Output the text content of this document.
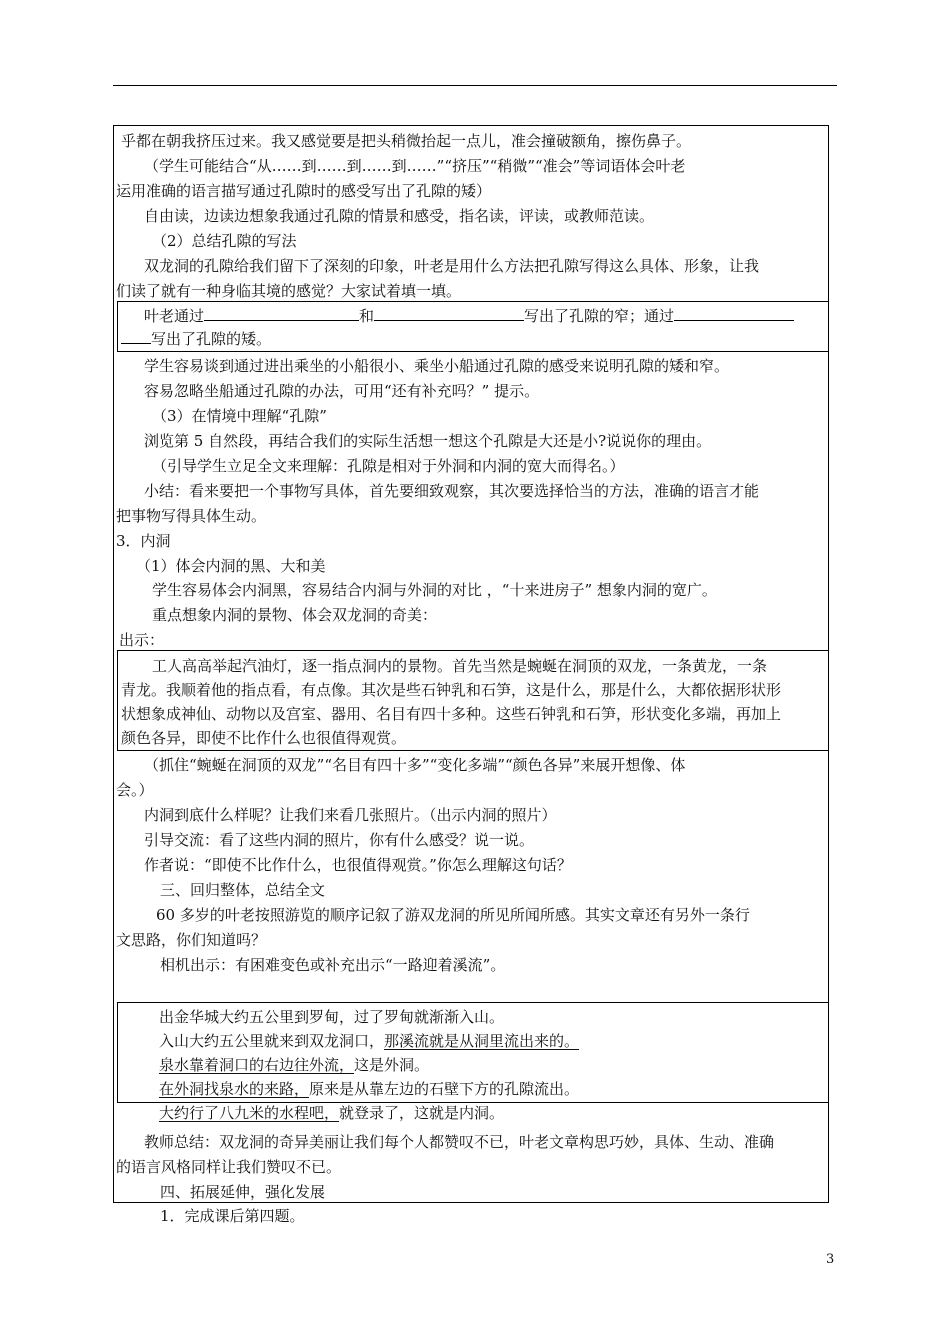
乎都在朝我挤压过来。我又感觉要是把头稍微抬起一点儿，准会撞破额角，擦伤鼻子。
（学生可能结合“从……到……到……到……”“挤压”“稍微”“准会”等词语体会叶老
运用准确的语言描写通过孔隙时的感受写出了孔隙的矮）
自由读，边读边想象我通过孔隙的情景和感受，指名读，评读，或教师范读。
（2）总结孔隙的写法
双龙洞的孔隙给我们留下了深刻的印象，叶老是用什么方法把孔隙写得这么具体、形象，让我
们读了就有一种身临其境的感觉？大家试着填一填。
叶老通过	和	写出了孔隙的窄；通过
写出了孔隙的矮。
学生容易谈到通过进出乘坐的小船很小、乘坐小船通过孔隙的感受来说明孔隙的矮和窄。
容易忽略坐船通过孔隙的办法，可用“还有补充吗？” 提示。
（3）在情境中理解“孔隙”
浏览第 5 自然段，再结合我们的实际生活想一想这个孔隙是大还是小?说说你的理由。
（引导学生立足全文来理解：孔隙是相对于外洞和内洞的宽大而得名。）
小结：看来要把一个事物写具体，首先要细致观察，其次要选择恰当的方法，准确的语言才能
把事物写得具体生动。
3．内洞
（1）体会内洞的黑、大和美
学生容易体会内洞黑，容易结合内洞与外洞的对比 ，“十来进房子” 想象内洞的宽广。
重点想象内洞的景物、体会双龙洞的奇美：
出示：
工人高高举起汽油灯，逐一指点洞内的景物。首先当然是蜿蜒在洞顶的双龙，一条黄龙，一条
青龙。我顺着他的指点看，有点像。其次是些石钟乳和石笋，这是什么，那是什么，大都依据形状形
状想象成神仙、动物以及宫室、器用、名目有四十多种。这些石钟乳和石笋，形状变化多端，再加上
颜色各异，即使不比作什么也很值得观赏。
（抓住“蜿蜒在洞顶的双龙”“名目有四十多”“变化多端”“颜色各异”来展开想像、体
会。）
内洞到底什么样呢？让我们来看几张照片。（出示内洞的照片）
引导交流：看了这些内洞的照片，你有什么感受？说一说。
作者说：“即使不比作什么，也很值得观赏。”你怎么理解这句话？
三、回归整体，总结全文
60 多岁的叶老按照游览的顺序记叙了游双龙洞的所见所闻所感。其实文章还有另外一条行
文思路，你们知道吗？
相机出示：有困难变色或补充出示“一路迎着溪流”。
出金华城大约五公里到罗甸，过了罗甸就渐渐入山。
入山大约五公里就来到双龙洞口，那溪流就是从洞里流出来的。
泉水靠着洞口的右边往外流，这是外洞。
在外洞找泉水的来路，原来是从靠左边的石壁下方的孔隙流出。
大约行了八九米的水程吧，就登录了，这就是内洞。
教师总结：双龙洞的奇异美丽让我们每个人都赞叹不已，叶老文章构思巧妙，具体、生动、准确
的语言风格同样让我们赞叹不已。
四、拓展延伸，强化发展
1．完成课后第四题。
3
